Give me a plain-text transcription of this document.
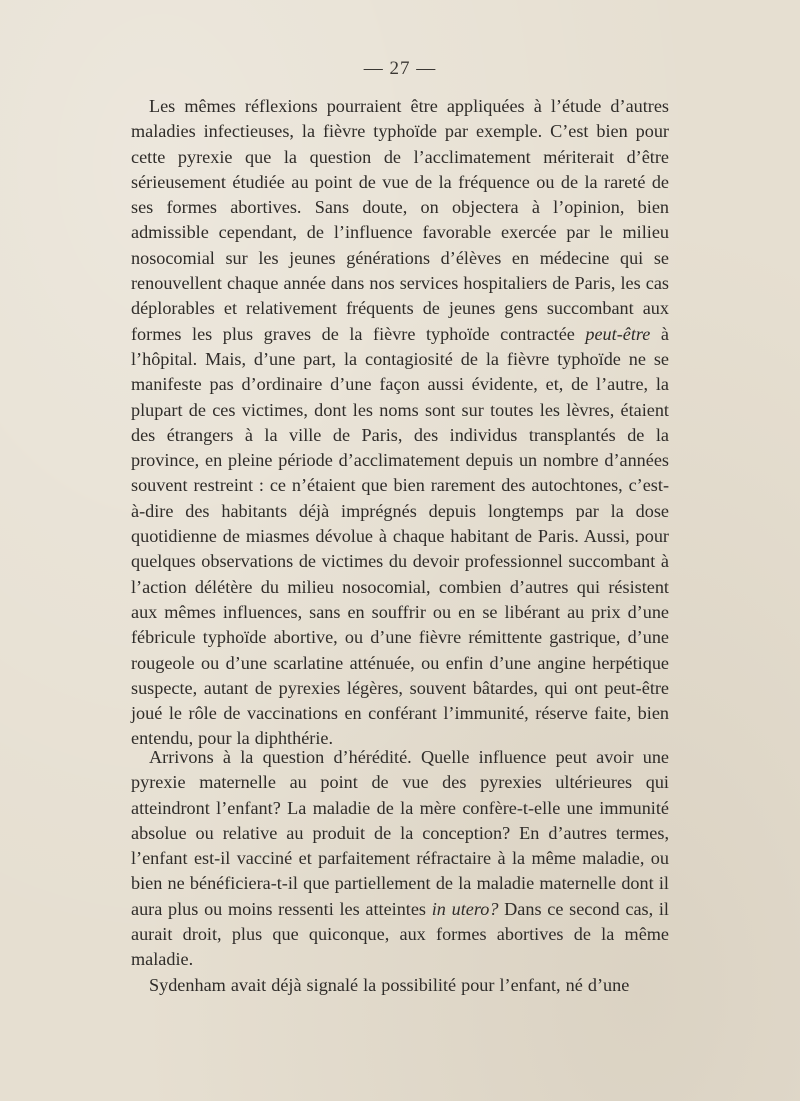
— 27 —

Les mêmes réflexions pourraient être appliquées à l’étude d’autres maladies infectieuses, la fièvre typhoïde par exemple. C’est bien pour cette pyrexie que la question de l’acclimatement mériterait d’être sérieusement étudiée au point de vue de la fréquence ou de la rareté de ses formes abortives. Sans doute, on objectera à l’opinion, bien admissible cependant, de l’influence favorable exercée par le milieu nosocomial sur les jeunes générations d’élèves en médecine qui se renouvellent chaque année dans nos services hospitaliers de Paris, les cas déplorables et relativement fréquents de jeunes gens succombant aux formes les plus graves de la fièvre typhoïde contractée peut-être à l’hôpital. Mais, d’une part, la contagiosité de la fièvre typhoïde ne se manifeste pas d’ordinaire d’une façon aussi évidente, et, de l’autre, la plupart de ces victimes, dont les noms sont sur toutes les lèvres, étaient des étrangers à la ville de Paris, des individus transplantés de la province, en pleine période d’acclimatement depuis un nombre d’années souvent restreint : ce n’étaient que bien rarement des autochtones, c’est-à-dire des habitants déjà imprégnés depuis longtemps par la dose quotidienne de miasmes dévolue à chaque habitant de Paris. Aussi, pour quelques observations de victimes du devoir professionnel succombant à l’action délétère du milieu nosocomial, combien d’autres qui résistent aux mêmes influences, sans en souffrir ou en se libérant au prix d’une fébricule typhoïde abortive, ou d’une fièvre rémittente gastrique, d’une rougeole ou d’une scarlatine atténuée, ou enfin d’une angine herpétique suspecte, autant de pyrexies légères, souvent bâtardes, qui ont peut-être joué le rôle de vaccinations en conférant l’immunité, réserve faite, bien entendu, pour la diphthérie.

Arrivons à la question d’hérédité. Quelle influence peut avoir une pyrexie maternelle au point de vue des pyrexies ultérieures qui atteindront l’enfant? La maladie de la mère confère-t-elle une immunité absolue ou relative au produit de la conception? En d’autres termes, l’enfant est-il vacciné et parfaitement réfractaire à la même maladie, ou bien ne bénéficiera-t-il que partiellement de la maladie maternelle dont il aura plus ou moins ressenti les atteintes in utero? Dans ce second cas, il aurait droit, plus que quiconque, aux formes abortives de la même maladie.

Sydenham avait déjà signalé la possibilité pour l’enfant, né d’une
